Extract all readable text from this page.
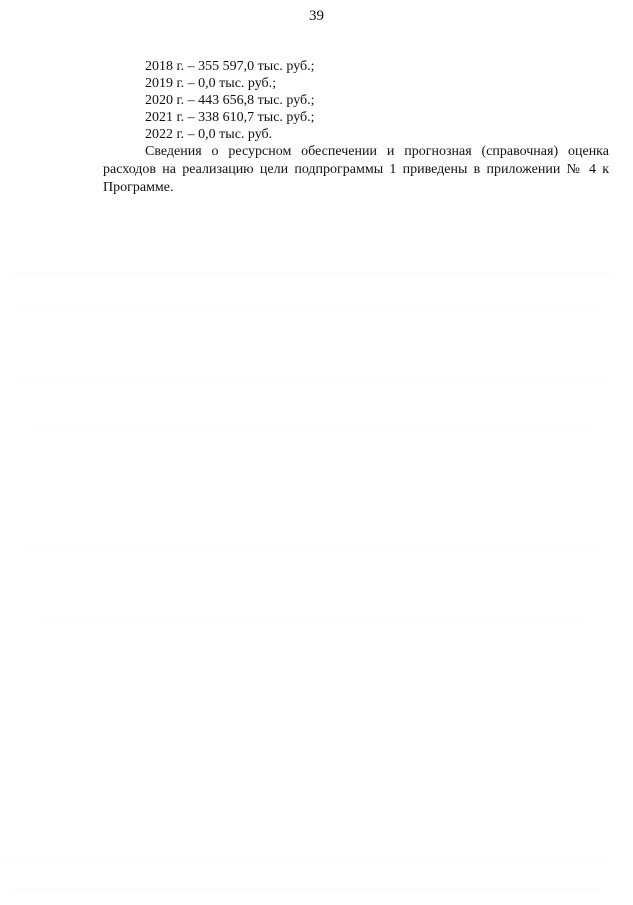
39
2018 г. – 355 597,0 тыс. руб.;
2019 г. – 0,0 тыс. руб.;
2020 г. – 443 656,8 тыс. руб.;
2021 г. – 338 610,7 тыс. руб.;
2022 г. – 0,0 тыс. руб.

Сведения о ресурсном обеспечении и прогнозная (справочная) оценка расходов на реализацию цели подпрограммы 1 приведены в приложении № 4 к Программе.
